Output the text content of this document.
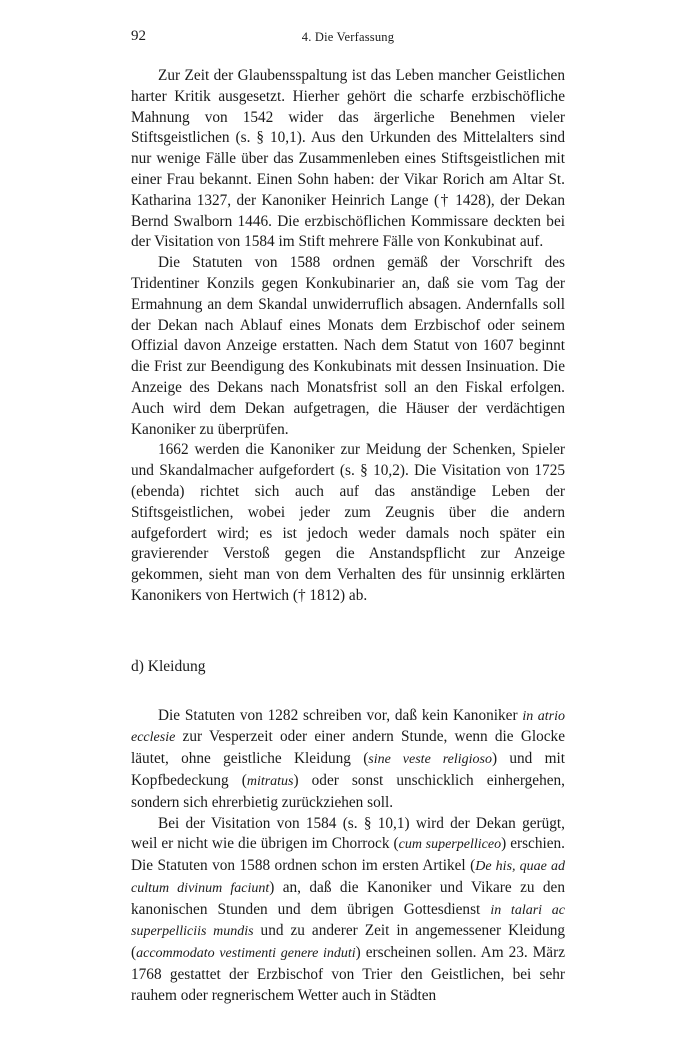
92	4. Die Verfassung

Zur Zeit der Glaubensspaltung ist das Leben mancher Geistlichen harter Kritik ausgesetzt. Hierher gehört die scharfe erzbischöfliche Mahnung von 1542 wider das ärgerliche Benehmen vieler Stiftsgeistlichen (s. § 10,1). Aus den Urkunden des Mittelalters sind nur wenige Fälle über das Zusammenleben eines Stiftsgeistlichen mit einer Frau bekannt. Einen Sohn haben: der Vikar Rorich am Altar St. Katharina 1327, der Kanoniker Heinrich Lange († 1428), der Dekan Bernd Swalborn 1446. Die erzbischöflichen Kommissare deckten bei der Visitation von 1584 im Stift mehrere Fälle von Konkubinat auf.

Die Statuten von 1588 ordnen gemäß der Vorschrift des Tridentiner Konzils gegen Konkubinarier an, daß sie vom Tag der Ermahnung an dem Skandal unwiderruflich absagen. Andernfalls soll der Dekan nach Ablauf eines Monats dem Erzbischof oder seinem Offizial davon Anzeige erstatten. Nach dem Statut von 1607 beginnt die Frist zur Beendigung des Konkubinats mit dessen Insinuation. Die Anzeige des Dekans nach Monatsfrist soll an den Fiskal erfolgen. Auch wird dem Dekan aufgetragen, die Häuser der verdächtigen Kanoniker zu überprüfen.

1662 werden die Kanoniker zur Meidung der Schenken, Spieler und Skandalmacher aufgefordert (s. § 10,2). Die Visitation von 1725 (ebenda) richtet sich auch auf das anständige Leben der Stiftsgeistlichen, wobei jeder zum Zeugnis über die andern aufgefordert wird; es ist jedoch weder damals noch später ein gravierender Verstoß gegen die Anstandspflicht zur Anzeige gekommen, sieht man von dem Verhalten des für unsinnig erklärten Kanonikers von Hertwich († 1812) ab.

d) Kleidung

Die Statuten von 1282 schreiben vor, daß kein Kanoniker in atrio ecclesie zur Vesperzeit oder einer andern Stunde, wenn die Glocke läutet, ohne geistliche Kleidung (sine veste religioso) und mit Kopfbedeckung (mitratus) oder sonst unschicklich einhergehen, sondern sich ehrerbietig zurückziehen soll.

Bei der Visitation von 1584 (s. § 10,1) wird der Dekan gerügt, weil er nicht wie die übrigen im Chorrock (cum superpelliceo) erschien. Die Statuten von 1588 ordnen schon im ersten Artikel (De his, quae ad cultum divinum faciunt) an, daß die Kanoniker und Vikare zu den kanonischen Stunden und dem übrigen Gottesdienst in talari ac superpelliciis mundis und zu anderer Zeit in angemessener Kleidung (accommodato vestimenti genere induti) erscheinen sollen. Am 23. März 1768 gestattet der Erzbischof von Trier den Geistlichen, bei sehr rauhem oder regnerischem Wetter auch in Städten
